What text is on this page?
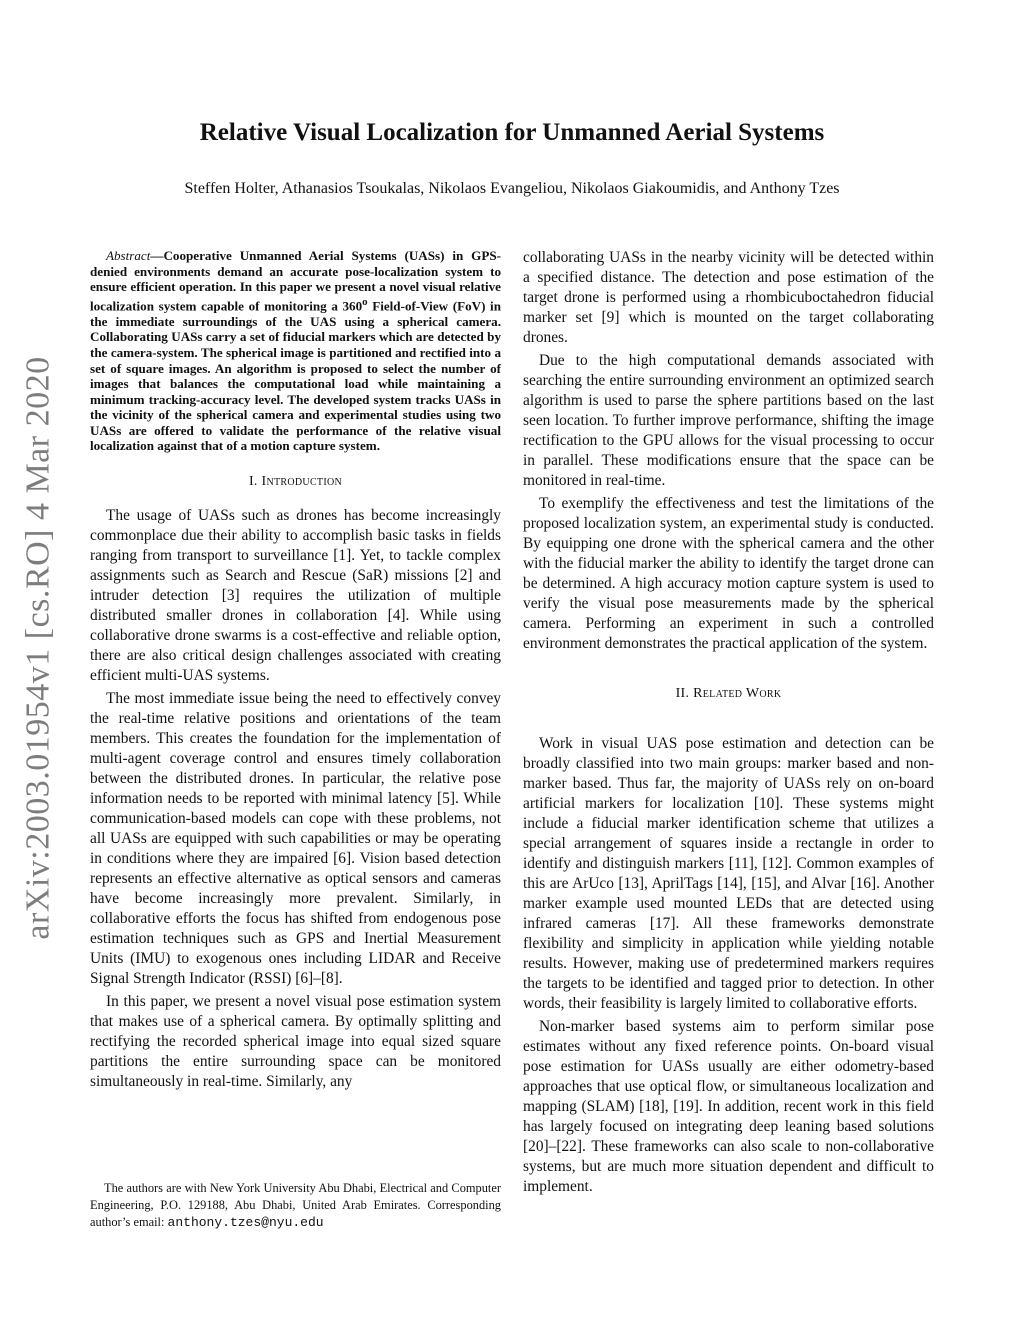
arXiv:2003.01954v1 [cs.RO] 4 Mar 2020
Relative Visual Localization for Unmanned Aerial Systems

Steffen Holter, Athanasios Tsoukalas, Nikolaos Evangeliou, Nikolaos Giakoumidis, and Anthony Tzes

Abstract—Cooperative Unmanned Aerial Systems (UASs) in GPS-denied environments demand an accurate pose-localization system to ensure efficient operation. In this paper we present a novel visual relative localization system capable of monitoring a 360$^o$ Field-of-View (FoV) in the immediate surroundings of the UAS using a spherical camera. Collaborating UASs carry a set of fiducial markers which are detected by the camera-system. The spherical image is partitioned and rectified into a set of square images. An algorithm is proposed to select the number of images that balances the computational load while maintaining a minimum tracking-accuracy level. The developed system tracks UASs in the vicinity of the spherical camera and experimental studies using two UASs are offered to validate the performance of the relative visual localization against that of a motion capture system.

I. Introduction

The usage of UASs such as drones has become increasingly commonplace due their ability to accomplish basic tasks in fields ranging from transport to surveillance [1]. Yet, to tackle complex assignments such as Search and Rescue (SaR) missions [2] and intruder detection [3] requires the utilization of multiple distributed smaller drones in collaboration [4]. While using collaborative drone swarms is a cost-effective and reliable option, there are also critical design challenges associated with creating efficient multi-UAS systems.

The most immediate issue being the need to effectively convey the real-time relative positions and orientations of the team members. This creates the foundation for the implementation of multi-agent coverage control and ensures timely collaboration between the distributed drones. In particular, the relative pose information needs to be reported with minimal latency [5]. While communication-based models can cope with these problems, not all UASs are equipped with such capabilities or may be operating in conditions where they are impaired [6]. Vision based detection represents an effective alternative as optical sensors and cameras have become increasingly more prevalent. Similarly, in collaborative efforts the focus has shifted from endogenous pose estimation techniques such as GPS and Inertial Measurement Units (IMU) to exogenous ones including LIDAR and Receive Signal Strength Indicator (RSSI) [6]–[8].

In this paper, we present a novel visual pose estimation system that makes use of a spherical camera. By optimally splitting and rectifying the recorded spherical image into equal sized square partitions the entire surrounding space can be monitored simultaneously in real-time. Similarly, any

The authors are with New York University Abu Dhabi, Electrical and Computer Engineering, P.O. 129188, Abu Dhabi, United Arab Emirates. Corresponding author’s email: anthony.tzes@nyu.edu

collaborating UASs in the nearby vicinity will be detected within a specified distance. The detection and pose estimation of the target drone is performed using a rhombicuboctahedron fiducial marker set [9] which is mounted on the target collaborating drones.

Due to the high computational demands associated with searching the entire surrounding environment an optimized search algorithm is used to parse the sphere partitions based on the last seen location. To further improve performance, shifting the image rectification to the GPU allows for the visual processing to occur in parallel. These modifications ensure that the space can be monitored in real-time.

To exemplify the effectiveness and test the limitations of the proposed localization system, an experimental study is conducted. By equipping one drone with the spherical camera and the other with the fiducial marker the ability to identify the target drone can be determined. A high accuracy motion capture system is used to verify the visual pose measurements made by the spherical camera. Performing an experiment in such a controlled environment demonstrates the practical application of the system.

II. Related Work

Work in visual UAS pose estimation and detection can be broadly classified into two main groups: marker based and non-marker based. Thus far, the majority of UASs rely on on-board artificial markers for localization [10]. These systems might include a fiducial marker identification scheme that utilizes a special arrangement of squares inside a rectangle in order to identify and distinguish markers [11], [12]. Common examples of this are ArUco [13], AprilTags [14], [15], and Alvar [16]. Another marker example used mounted LEDs that are detected using infrared cameras [17]. All these frameworks demonstrate flexibility and simplicity in application while yielding notable results. However, making use of predetermined markers requires the targets to be identified and tagged prior to detection. In other words, their feasibility is largely limited to collaborative efforts.

Non-marker based systems aim to perform similar pose estimates without any fixed reference points. On-board visual pose estimation for UASs usually are either odometry-based approaches that use optical flow, or simultaneous localization and mapping (SLAM) [18], [19]. In addition, recent work in this field has largely focused on integrating deep leaning based solutions [20]–[22]. These frameworks can also scale to non-collaborative systems, but are much more situation dependent and difficult to implement.
